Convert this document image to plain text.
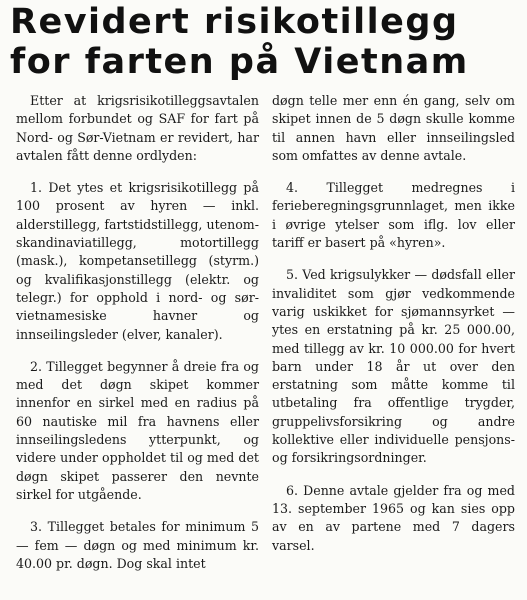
Revidert risikotillegg
for farten på Vietnam

Etter at krigsrisikotilleggsavtalen mellom forbundet og SAF for fart på Nord- og Sør-Vietnam er revidert, har avtalen fått denne ordlyden:

1. Det ytes et krigsrisikotillegg på 100 prosent av hyren — inkl. alderstillegg, fartstidstillegg, utenom-skandinaviatillegg, motortillegg (mask.), kompetansetillegg (styrm.) og kvalifikasjonstillegg (elektr. og telegr.) for opphold i nord- og sør-vietnamesiske havner og innseilingsleder (elver, kanaler).

2. Tillegget begynner å dreie fra og med det døgn skipet kommer innenfor en sirkel med en radius på 60 nautiske mil fra havnens eller innseilingsledens ytterpunkt, og videre under oppholdet til og med det døgn skipet passerer den nevnte sirkel for utgående.

3. Tillegget betales for minimum 5 — fem — døgn og med minimum kr. 40.00 pr. døgn. Dog skal intet

døgn telle mer enn én gang, selv om skipet innen de 5 døgn skulle komme til annen havn eller innseilingsled som omfattes av denne avtale.

4. Tillegget medregnes i ferieberegningsgrunnlaget, men ikke i øvrige ytelser som iflg. lov eller tariff er basert på «hyren».

5. Ved krigsulykker — dødsfall eller invaliditet som gjør vedkommende varig uskikket for sjømannsyrket — ytes en erstatning på kr. 25 000.00, med tillegg av kr. 10 000.00 for hvert barn under 18 år ut over den erstatning som måtte komme til utbetaling fra offentlige trygder, gruppelivsforsikring og andre kollektive eller individuelle pensjons- og forsikringsordninger.

6. Denne avtale gjelder fra og med 13. september 1965 og kan sies opp av en av partene med 7 dagers varsel.
